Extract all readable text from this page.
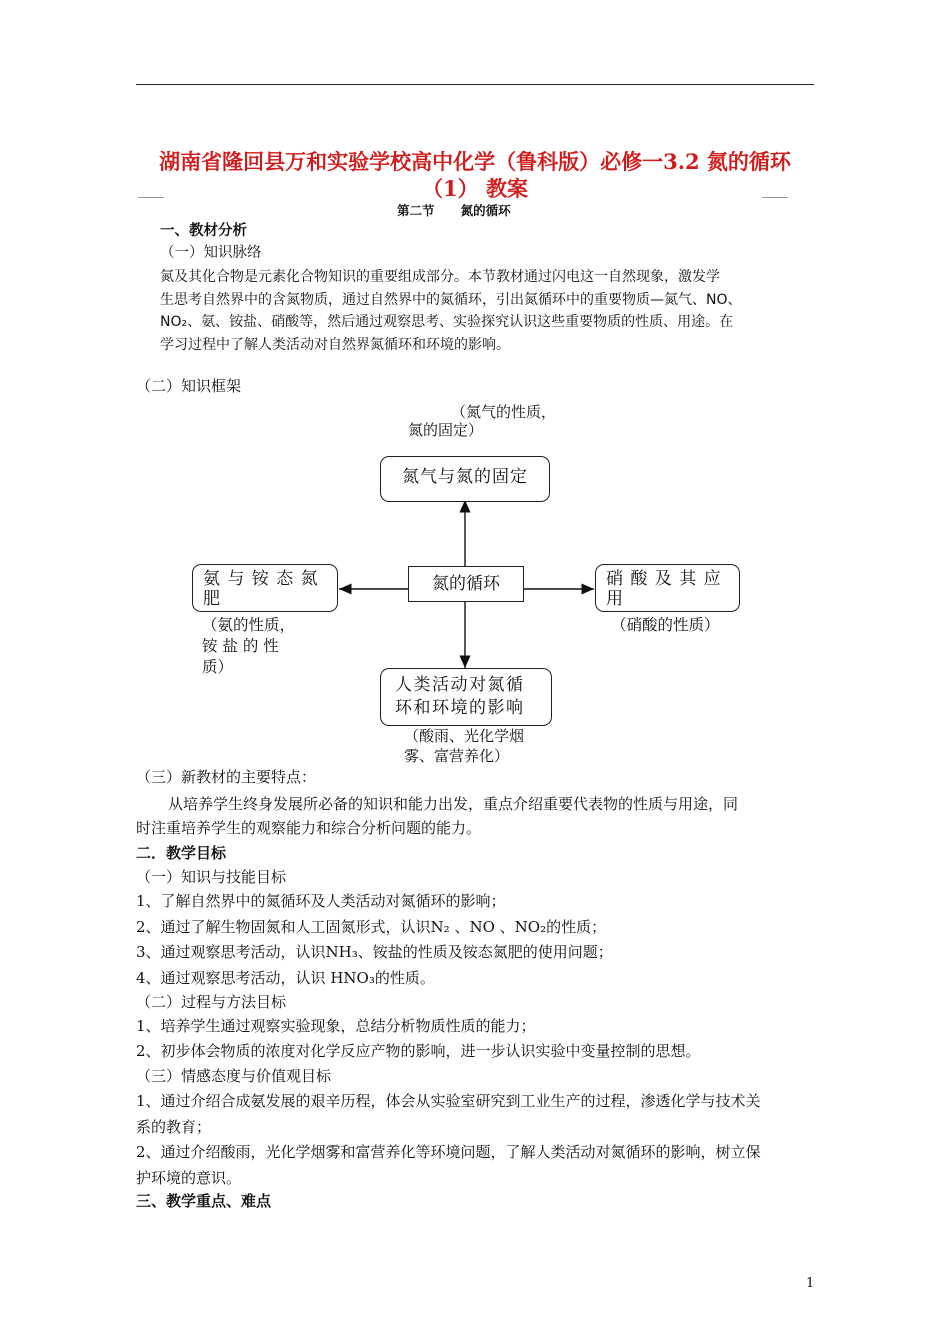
湖南省隆回县万和实验学校高中化学（鲁科版）必修一3.2 氮的循环
（1） 教案
第二节      氮的循环
一、教材分析
（一）知识脉络
氮及其化合物是元素化合物知识的重要组成部分。本节教材通过闪电这一自然现象，激发学
生思考自然界中的含氮物质，通过自然界中的氮循环，引出氮循环中的重要物质—氮气、NO、
NO₂、氨、铵盐、硝酸等，然后通过观察思考、实验探究认识这些重要物质的性质、用途。在
学习过程中了解人类活动对自然界氮循环和环境的影响。
（二）知识框架
（氮气的性质，
氮的固定）
氮气与氮的固定
氮的循环
氨 与 铵 态 氮
肥
（氨的性质，
铵 盐 的 性
质）
硝 酸 及 其 应
用
（硝酸的性质）
人类活动对氮循
环和环境的影响
（酸雨、光化学烟
雾、富营养化）
（三）新教材的主要特点：
从培养学生终身发展所必备的知识和能力出发，重点介绍重要代表物的性质与用途，同
时注重培养学生的观察能力和综合分析问题的能力。
二．教学目标
（一）知识与技能目标
1、了解自然界中的氮循环及人类活动对氮循环的影响；
2、通过了解生物固氮和人工固氮形式，认识N₂ 、NO 、NO₂的性质；
3、通过观察思考活动，认识NH₃、铵盐的性质及铵态氮肥的使用问题；
4、通过观察思考活动，认识 HNO₃的性质。
（二）过程与方法目标
1、培养学生通过观察实验现象，总结分析物质性质的能力；
2、初步体会物质的浓度对化学反应产物的影响，进一步认识实验中变量控制的思想。
（三）情感态度与价值观目标
1、通过介绍合成氨发展的艰辛历程，体会从实验室研究到工业生产的过程，渗透化学与技术关
系的教育；
2、通过介绍酸雨，光化学烟雾和富营养化等环境问题，了解人类活动对氮循环的影响，树立保
护环境的意识。
三、教学重点、难点
1
